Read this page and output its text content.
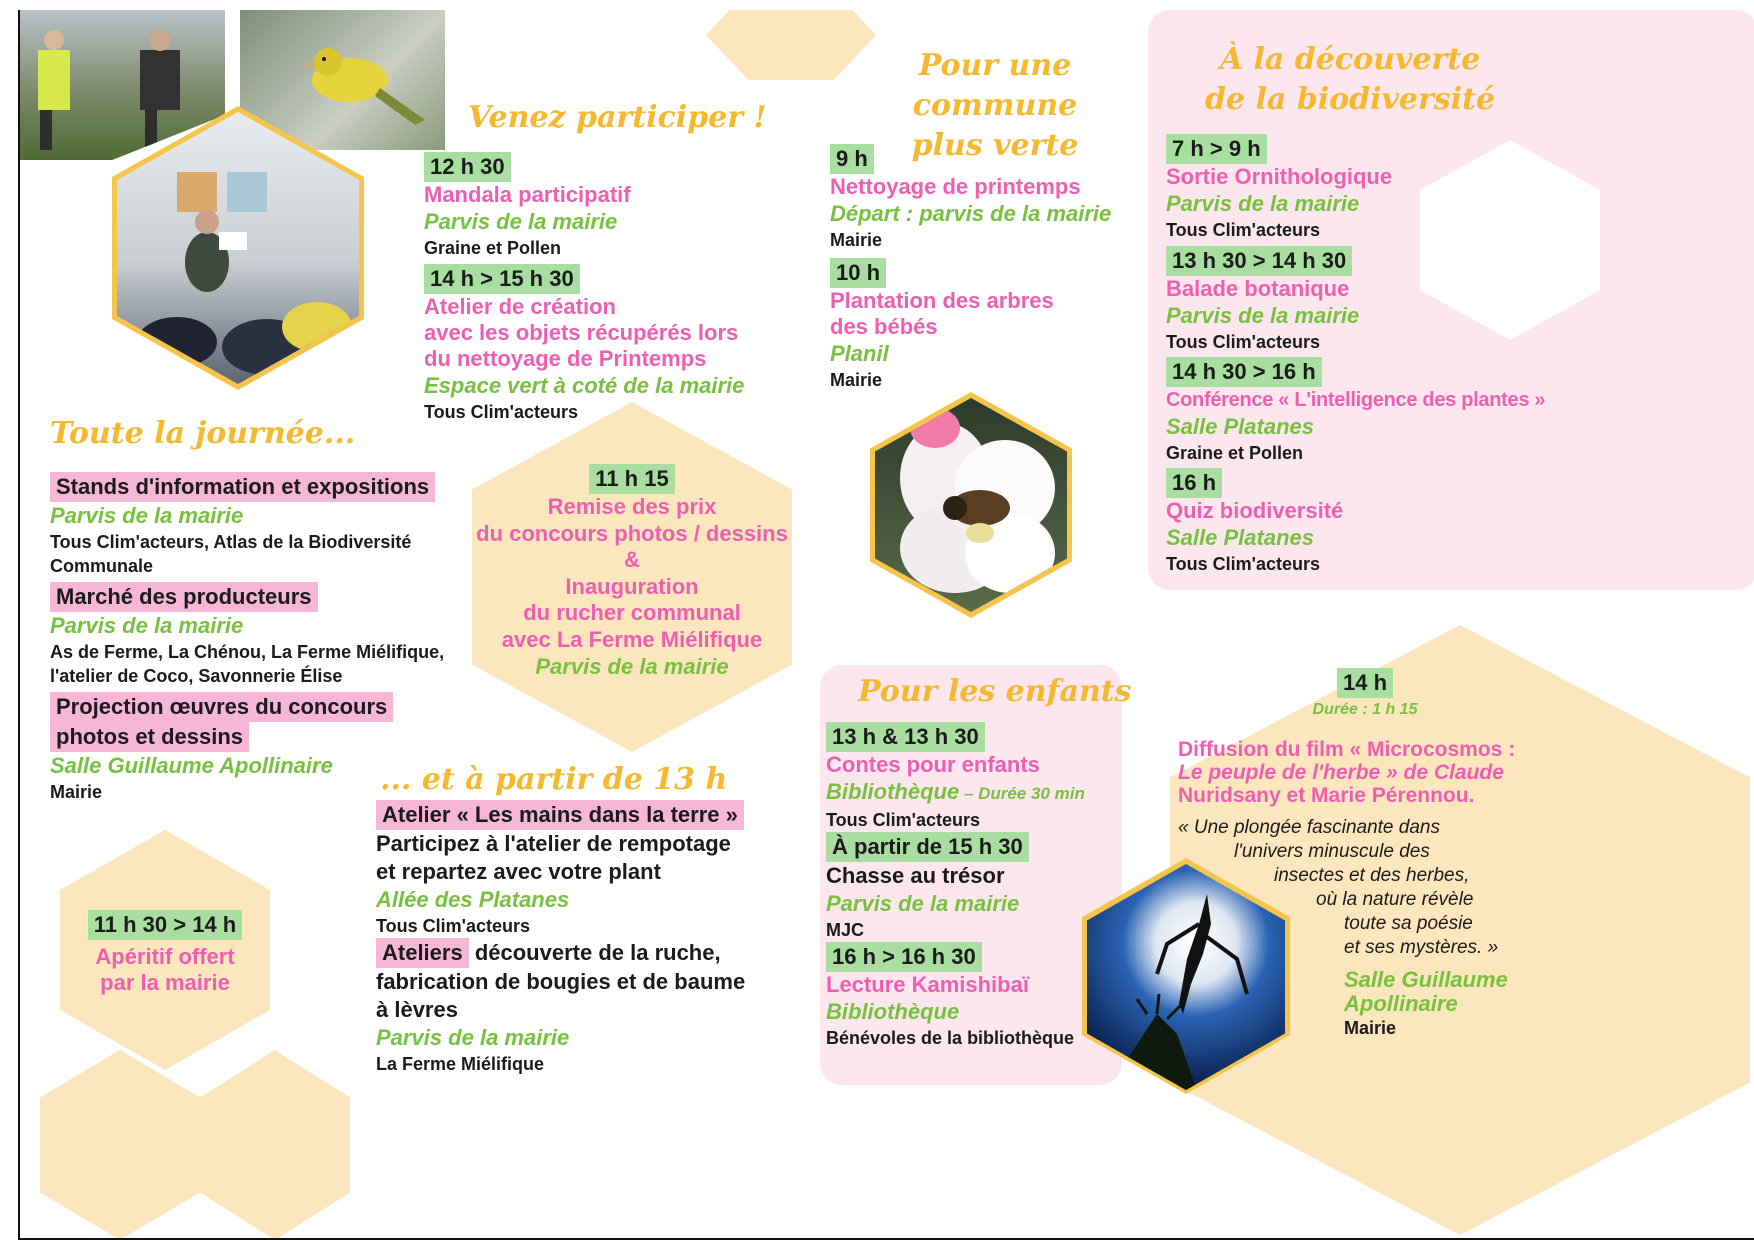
Venez participer !
12 h 30
Mandala participatif
Parvis de la mairie
Graine et Pollen
14 h > 15 h 30
Atelier de création
avec les objets récupérés lors
du nettoyage de Printemps
Espace vert à coté de la mairie
Tous Clim'acteurs
Toute la journée...
Stands d'information et expositions
Parvis de la mairie
Tous Clim'acteurs, Atlas de la Biodiversité
Communale
Marché des producteurs
Parvis de la mairie
As de Ferme, La Chénou, La Ferme Miélifique,
l'atelier de Coco, Savonnerie Élise
Projection œuvres du concours
photos et dessins
Salle Guillaume Apollinaire
Mairie
11 h 15
Remise des prix
du concours photos / dessins
&
Inauguration
du rucher communal
avec La Ferme Miélifique
Parvis de la mairie
11 h 30 > 14 h
Apéritif offert
par la mairie
... et à partir de 13 h
Atelier « Les mains dans la terre »
Participez à l'atelier de rempotage
et repartez avec votre plant
Allée des Platanes
Tous Clim'acteurs
Ateliers découverte de la ruche,
fabrication de bougies et de baume
à lèvres
Parvis de la mairie
La Ferme Miélifique
Pour une commune
plus verte
9 h
Nettoyage de printemps
Départ : parvis de la mairie
Mairie
10 h
Plantation des arbres
des bébés
Planil
Mairie
À la découverte
de la biodiversité
7 h > 9 h
Sortie Ornithologique
Parvis de la mairie
Tous Clim'acteurs
13 h 30 > 14 h 30
Balade botanique
Parvis de la mairie
Tous Clim'acteurs
14 h 30 > 16 h
Conférence « L'intelligence des plantes »
Salle Platanes
Graine et Pollen
16 h
Quiz biodiversité
Salle Platanes
Tous Clim'acteurs
Pour les enfants
13 h & 13 h 30
Contes pour enfants
Bibliothèque – Durée 30 min
Tous Clim'acteurs
À partir de 15 h 30
Chasse au trésor
Parvis de la mairie
MJC
16 h > 16 h 30
Lecture Kamishibaï
Bibliothèque
Bénévoles de la bibliothèque
14 h
Durée : 1 h 15
Diffusion du film « Microcosmos :
Le peuple de l'herbe » de Claude
Nuridsany et Marie Pérennou.
« Une plongée fascinante dans
l'univers minuscule des
insectes et des herbes,
où la nature révèle
toute sa poésie
et ses mystères. »
Salle Guillaume
Apollinaire
Mairie
